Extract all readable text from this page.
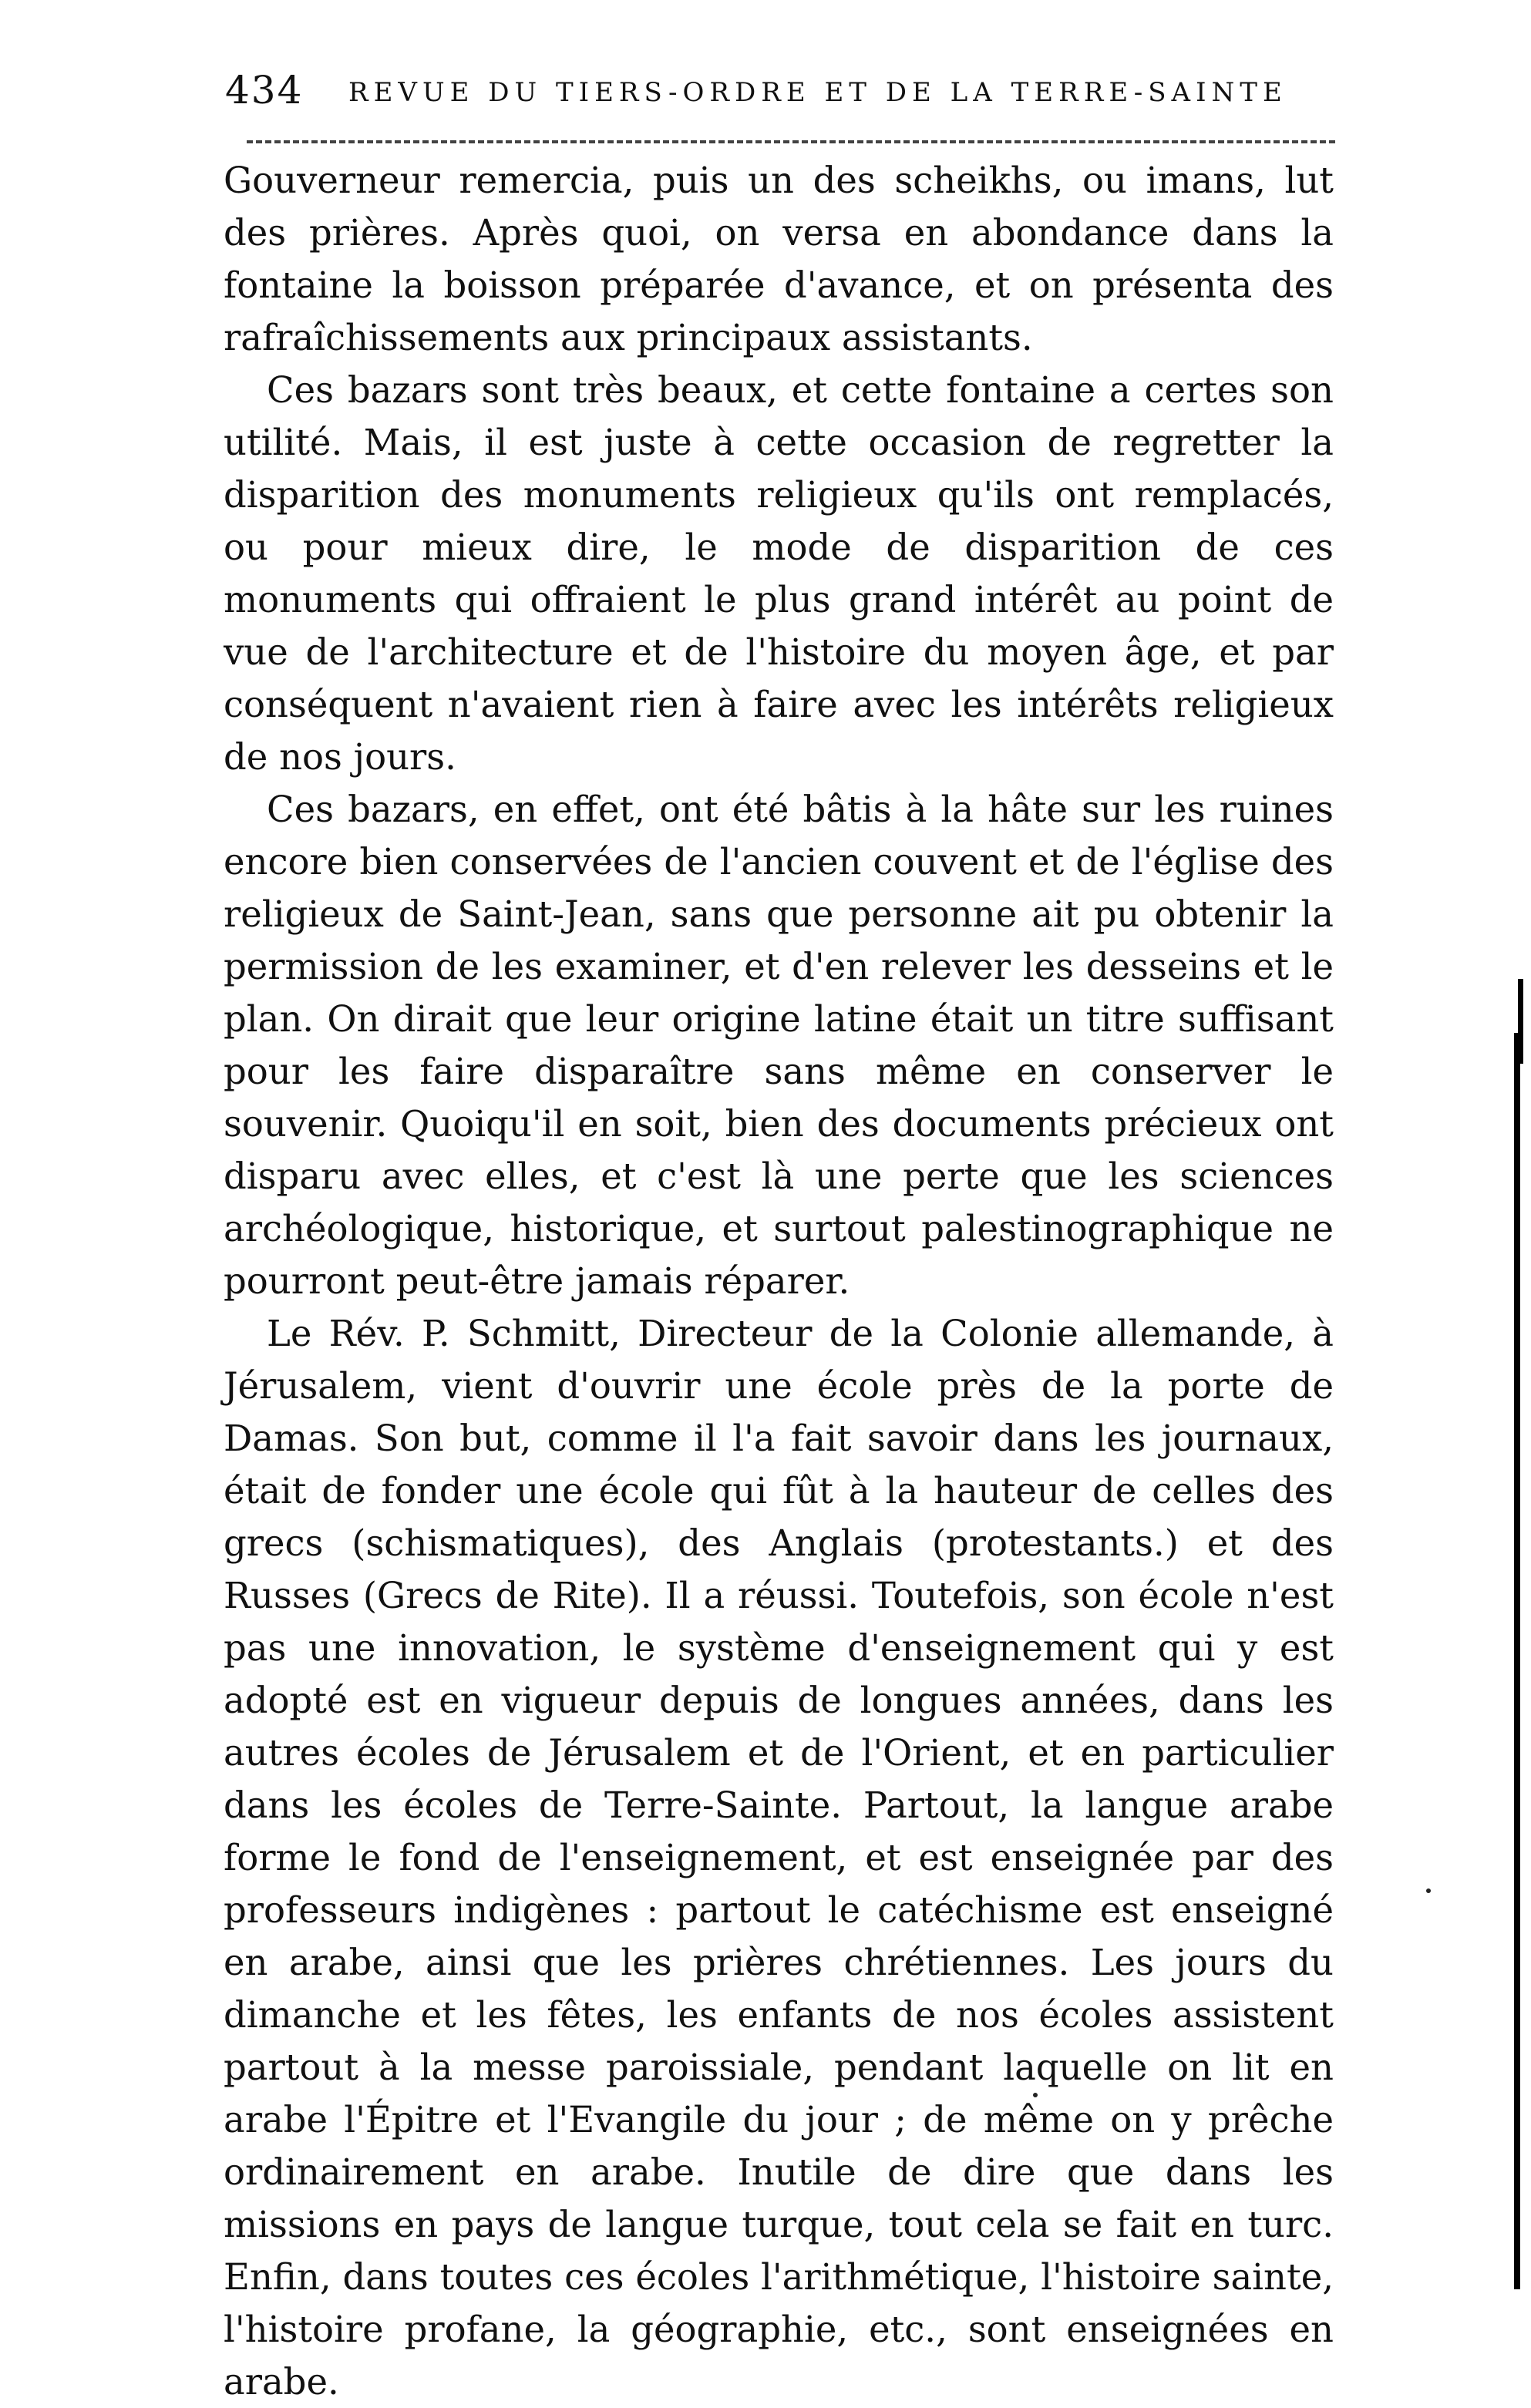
434 REVUE DU TIERS-ORDRE ET DE LA TERRE-SAINTE

Gouverneur remercia, puis un des scheikhs, ou imans, lut des prières. Après quoi, on versa en abondance dans la fontaine la boisson préparée d'avance, et on présenta des rafraîchissements aux principaux assistants.

Ces bazars sont très beaux, et cette fontaine a certes son utilité. Mais, il est juste à cette occasion de regretter la disparition des monuments religieux qu'ils ont remplacés, ou pour mieux dire, le mode de disparition de ces monuments qui offraient le plus grand intérêt au point de vue de l'architecture et de l'histoire du moyen âge, et par conséquent n'avaient rien à faire avec les intérêts religieux de nos jours.

Ces bazars, en effet, ont été bâtis à la hâte sur les ruines encore bien conservées de l'ancien couvent et de l'église des religieux de Saint-Jean, sans que personne ait pu obtenir la permission de les examiner, et d'en relever les desseins et le plan. On dirait que leur origine latine était un titre suffisant pour les faire disparaître sans même en conserver le souvenir. Quoiqu'il en soit, bien des documents précieux ont disparu avec elles, et c'est là une perte que les sciences archéologique, historique, et surtout palestinographique ne pourront peut-être jamais réparer.

Le Rév. P. Schmitt, Directeur de la Colonie allemande, à Jérusalem, vient d'ouvrir une école près de la porte de Damas. Son but, comme il l'a fait savoir dans les journaux, était de fonder une école qui fût à la hauteur de celles des grecs (schismatiques), des Anglais (protestants.) et des Russes (Grecs de Rite). Il a réussi. Toutefois, son école n'est pas une innovation, le système d'enseignement qui y est adopté est en vigueur depuis de longues années, dans les autres écoles de Jérusalem et de l'Orient, et en particulier dans les écoles de Terre-Sainte. Partout, la langue arabe forme le fond de l'enseignement, et est enseignée par des professeurs indigènes : partout le catéchisme est enseigné en arabe, ainsi que les prières chrétiennes. Les jours du dimanche et les fêtes, les enfants de nos écoles assistent partout à la messe paroissiale, pendant laquelle on lit en arabe l'Épitre et l'Evangile du jour ; de même on y prêche ordinairement en arabe. Inutile de dire que dans les missions en pays de langue turque, tout cela se fait en turc. Enfin, dans toutes ces écoles l'arithmétique, l'histoire sainte, l'histoire profane, la géographie, etc., sont enseignées en arabe.
